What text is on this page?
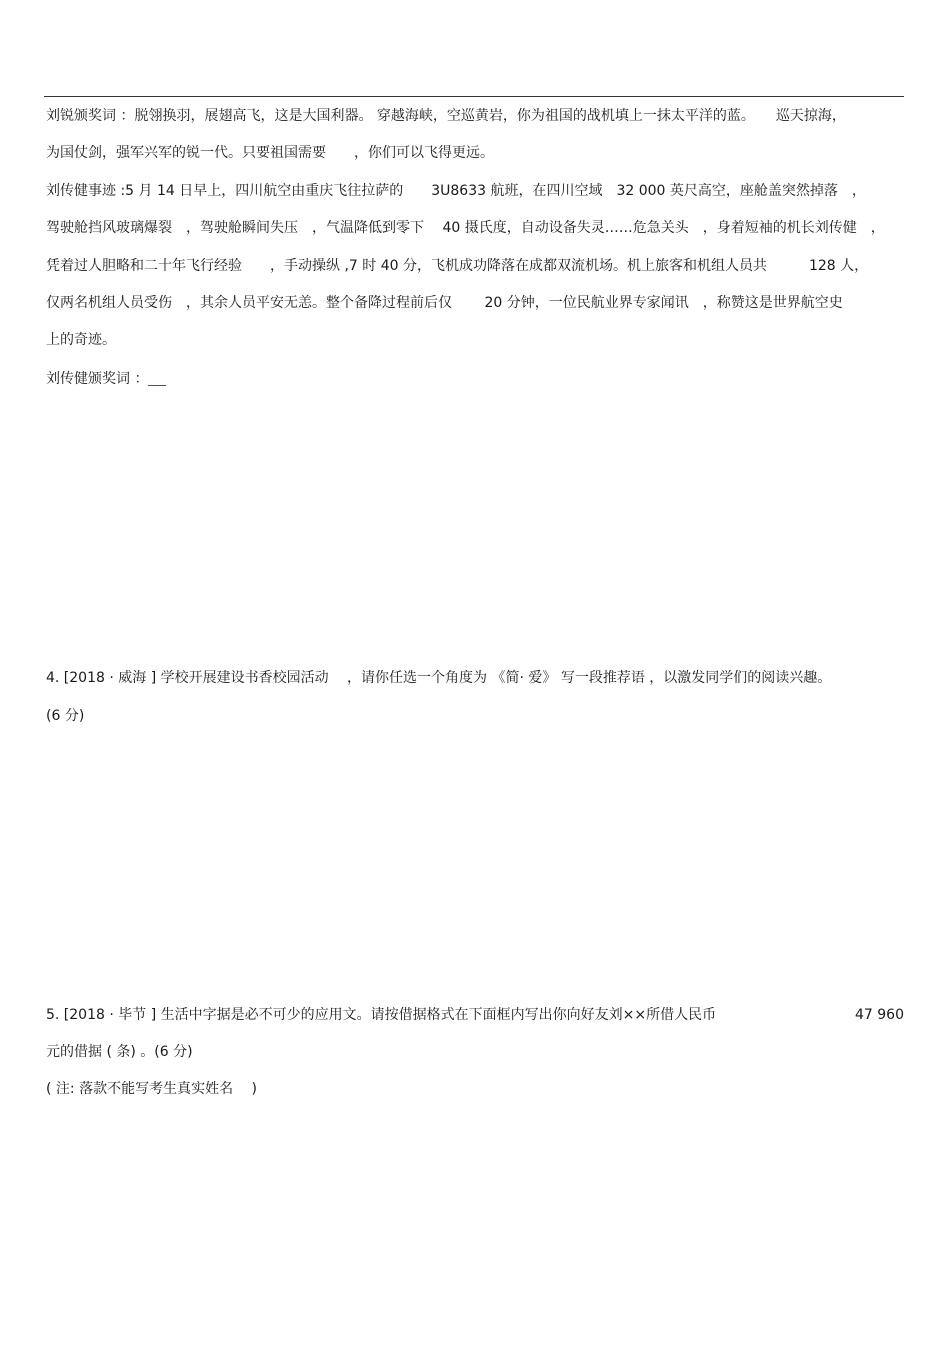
刘锐颁奖词 ：脱翎换羽，展翅高飞，这是大国利器。 穿越海峡，空巡黄岩，你为祖国的战机填上一抹太平洋的蓝。　　巡天掠海，
为国仗剑，强军兴军的锐一代。只要祖国需要　　，你们可以飞得更远。
刘传健事迹 :5 月 14 日早上，四川航空由重庆飞往拉萨的　　3U8633 航班，在四川空域　32 000 英尺高空，座舱盖突然掉落　，
驾驶舱挡风玻璃爆裂　，驾驶舱瞬间失压　，气温降低到零下　 40 摄氏度，自动设备失灵……危急关头　，身着短袖的机长刘传健　，
凭着过人胆略和二十年飞行经验　　，手动操纵 ,7 时 40 分，飞机成功降落在成都双流机场。机上旅客和机组人员共　　　128 人，
仅两名机组人员受伤　，其余人员平安无恙。整个备降过程前后仅　　 20 分钟，一位民航业界专家闻讯　，称赞这是世界航空史
上的奇迹。
刘传健颁奖词 ：
4. [2018 · 威海 ] 学校开展建设书香校园活动　 ，请你任选一个角度为 《简· 爱》 写一段推荐语 ，以激发同学们的阅读兴趣。
(6 分)
5. [2018 · 毕节 ] 生活中字据是必不可少的应用文。请按借据格式在下面框内写出你向好友刘××所借人民币	47 960
元的借据 ( 条) 。(6 分)
( 注: 落款不能写考生真实姓名　 )
